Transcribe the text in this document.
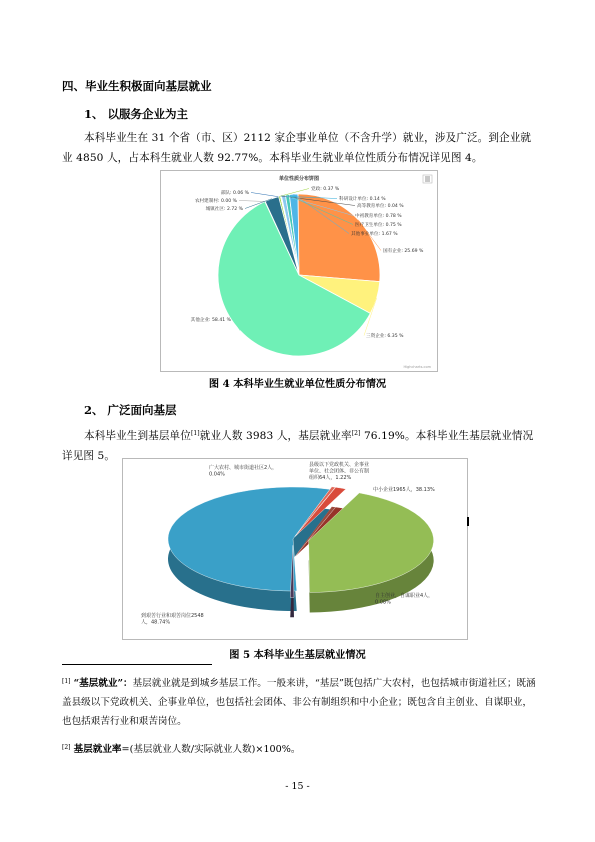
四、毕业生积极面向基层就业
1、 以服务企业为主
本科毕业生在 31 个省（市、区）2112 家企事业单位（不含升学）就业，涉及广泛。到企业就业 4850 人，占本科生就业人数 92.77%。本科毕业生就业单位性质分布情况详见图 4。
单位性质分布饼图
部队: 0.06 %
党政: 0.37 %
科研设计单位: 0.14 %
高等教育单位: 0.04 %
中初教育单位: 0.78 %
医疗卫生单位: 0.75 %
其他事业单位: 1.67 %
国有企业: 25.69 %
三资企业: 6.35 %
其他企业: 58.41 %
农村建制村: 0.00 %
城镇社区: 2.72 %
Highcharts.com
图 4 本科毕业生就业单位性质分布情况
2、 广泛面向基层
本科毕业生到基层单位[1]就业人数 3983 人，基层就业率[2] 76.19%。本科毕业生基层就业情况详见图 5。
到艰苦行业和艰苦岗位2548 人，48.74%
广大农村、城市街道社区2人， 0.04%
县级以下党政机关、企事业单位、社会团体、非公有制组织64人，1.22%
中小企业1965人，38.13%
自主创业，自谋职业4人， 0.08%
图 5 本科毕业生基层就业情况
[1] “基层就业”：基层就业就是到城乡基层工作。一般来讲，“基层”既包括广大农村，也包括城市街道社区；既涵盖县级以下党政机关、企事业单位，也包括社会团体、非公有制组织和中小企业；既包含自主创业、自谋职业，也包括艰苦行业和艰苦岗位。
[2] 基层就业率=(基层就业人数/实际就业人数)×100%。
- 15 -
